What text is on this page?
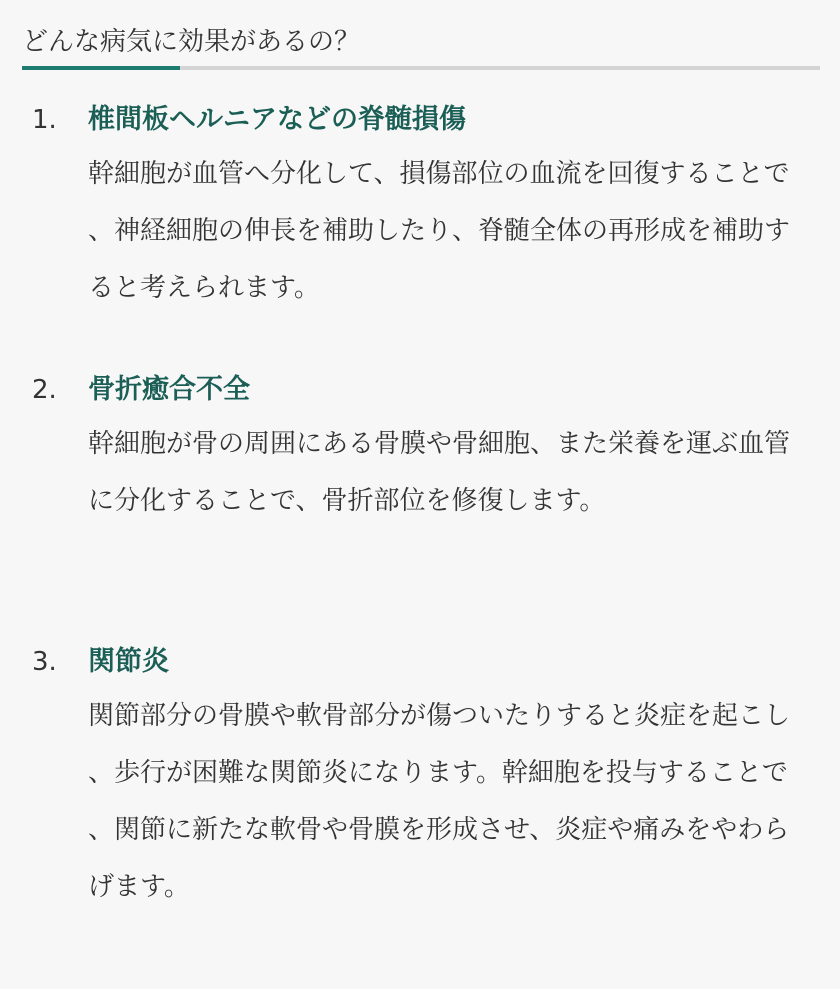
どんな病気に効果があるの？
1.	椎間板ヘルニアなどの脊髄損傷
幹細胞が血管へ分化して、損傷部位の血流を回復することで、神経細胞の伸長を補助したり、脊髄全体の再形成を補助すると考えられます。
2.	骨折癒合不全
幹細胞が骨の周囲にある骨膜や骨細胞、また栄養を運ぶ血管に分化することで、骨折部位を修復します。
3.	関節炎
関節部分の骨膜や軟骨部分が傷ついたりすると炎症を起こし、歩行が困難な関節炎になります。幹細胞を投与することで、関節に新たな軟骨や骨膜を形成させ、炎症や痛みをやわらげます。
